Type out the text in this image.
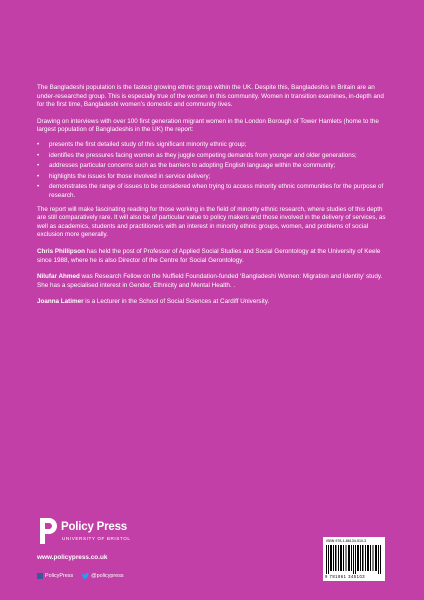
The Bangladeshi population is the fastest growing ethnic group within the UK. Despite this, Bangladeshis in Britain are an under-researched group. This is especially true of the women in this community. Women in transition examines, in-depth and for the first time, Bangladeshi women’s domestic and community lives.

Drawing on interviews with over 100 first generation migrant women in the London Borough of Tower Hamlets (home to the largest population of Bangladeshis in the UK) the report:

• presents the first detailed study of this significant minority ethnic group;
• identifies the pressures facing women as they juggle competing demands from younger and older generations;
• addresses particular concerns such as the barriers to adopting English language within the community;
• highlights the issues for those involved in service delivery;
• demonstrates the range of issues to be considered when trying to access minority ethnic communities for the purpose of research.

The report will make fascinating reading for those working in the field of minority ethnic research, where studies of this depth are still comparatively rare. It will also be of particular value to policy makers and those involved in the delivery of services, as well as academics, students and practitioners with an interest in minority ethnic groups, women, and problems of social exclusion more generally.

Chris Phillipson has held the post of Professor of Applied Social Studies and Social Gerontology at the University of Keele since 1988, where he is also Director of the Centre for Social Gerontology.

Nilufar Ahmed was Research Fellow on the Nuffield Foundation-funded ‘Bangladeshi Women: Migration and Identity’ study. She has a specialised interest in Gender, Ethnicity and Mental Health. .

Joanna Latimer is a Lecturer in the School of Social Sciences at Cardiff University.

Policy Press
UNIVERSITY OF BRISTOL
www.policypress.co.uk
PolicyPress	@policypress
ISBN 978-1-86134-510-3
9 781861 345103
